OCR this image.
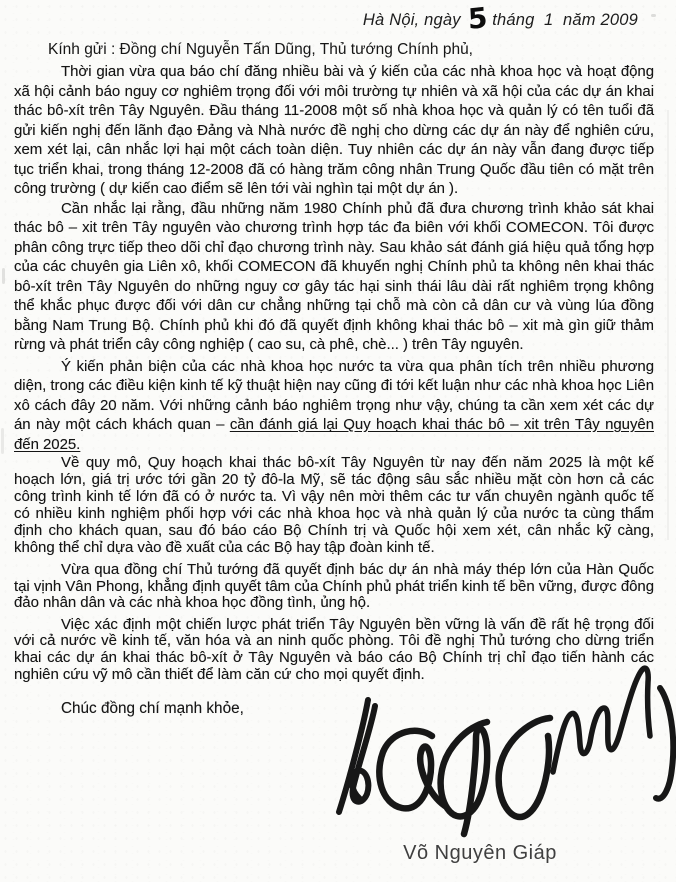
Hà Nội, ngày 5 tháng  1  năm 2009
Kính gửi : Đồng chí Nguyễn Tấn Dũng, Thủ tướng Chính phủ,

Thời gian vừa qua báo chí đăng nhiều bài và ý kiến của các nhà khoa học và hoạt động xã hội cảnh báo nguy cơ nghiêm trọng đối với môi trường tự nhiên và xã hội của các dự án khai thác bô-xít trên Tây Nguyên. Đầu tháng 11-2008 một số nhà khoa học và quản lý có tên tuổi đã gửi kiến nghị đến lãnh đạo Đảng và Nhà nước đề nghị cho dừng các dự án này để nghiên cứu, xem xét lại, cân nhắc lợi hại một cách toàn diện. Tuy nhiên các dự án này vẫn đang được tiếp tục triển khai, trong tháng 12-2008 đã có hàng trăm công nhân Trung Quốc đầu tiên có mặt trên công trường ( dự kiến cao điểm sẽ lên tới vài nghìn tại một dự án ).

Cần nhắc lại rằng, đầu những năm 1980 Chính phủ đã đưa chương trình khảo sát khai thác bô – xit trên Tây nguyên vào chương trình hợp tác đa biên với khối COMECON. Tôi được phân công trực tiếp theo dõi chỉ đạo chương trình này. Sau khảo sát đánh giá hiệu quả tổng hợp của các chuyên gia Liên xô, khối COMECON đã khuyến nghị Chính phủ ta không nên khai thác bô-xít trên Tây Nguyên do những nguy cơ gây tác hại sinh thái lâu dài rất nghiêm trọng không thể khắc phục được đối với dân cư chẳng những tại chỗ mà còn cả dân cư và vùng lúa đồng bằng Nam Trung Bộ. Chính phủ khi đó đã quyết định không khai thác bô – xit mà gìn giữ thảm rừng và phát triển cây công nghiệp ( cao su, cà phê, chè... ) trên Tây nguyên.

Ý kiến phản biện của các nhà khoa học nước ta vừa qua phân tích trên nhiều phương diện, trong các điều kiện kinh tế kỹ thuật hiện nay cũng đi tới kết luận như các nhà khoa học Liên xô cách đây 20 năm. Với những cảnh báo nghiêm trọng như vậy, chúng ta cần xem xét các dự án này một cách khách quan – cần đánh giá lại Quy hoạch khai thác bô – xit trên Tây nguyên đến 2025.

Về quy mô, Quy hoạch khai thác bô-xít Tây Nguyên từ nay đến năm 2025 là một kế hoạch lớn, giá trị ước tới gần 20 tỷ đô-la Mỹ, sẽ tác động sâu sắc nhiều mặt còn hơn cả các công trình kinh tế lớn đã có ở nước ta. Vì vậy nên mời thêm các tư vấn chuyên ngành quốc tế có nhiều kinh nghiệm phối hợp với các nhà khoa học và nhà quản lý của nước ta cùng thẩm định cho khách quan, sau đó báo cáo Bộ Chính trị và Quốc hội xem xét, cân nhắc kỹ càng, không thể chỉ dựa vào đề xuất của các Bộ hay tập đoàn kinh tế.

Vừa qua đồng chí Thủ tướng đã quyết định bác dự án nhà máy thép lớn của Hàn Quốc tại vịnh Vân Phong, khẳng định quyết tâm của Chính phủ phát triển kinh tế bền vững, được đông đảo nhân dân và các nhà khoa học đồng tình, ủng hộ.

Việc xác định một chiến lược phát triển Tây Nguyên bền vững là vấn đề rất hệ trọng đối với cả nước về kinh tế, văn hóa và an ninh quốc phòng. Tôi đề nghị Thủ tướng cho dừng triển khai các dự án khai thác bô-xít ở Tây Nguyên và báo cáo Bộ Chính trị chỉ đạo tiến hành các nghiên cứu vỹ mô cần thiết để làm căn cứ cho mọi quyết định.

Chúc đồng chí mạnh khỏe,
Võ Nguyên Giáp
